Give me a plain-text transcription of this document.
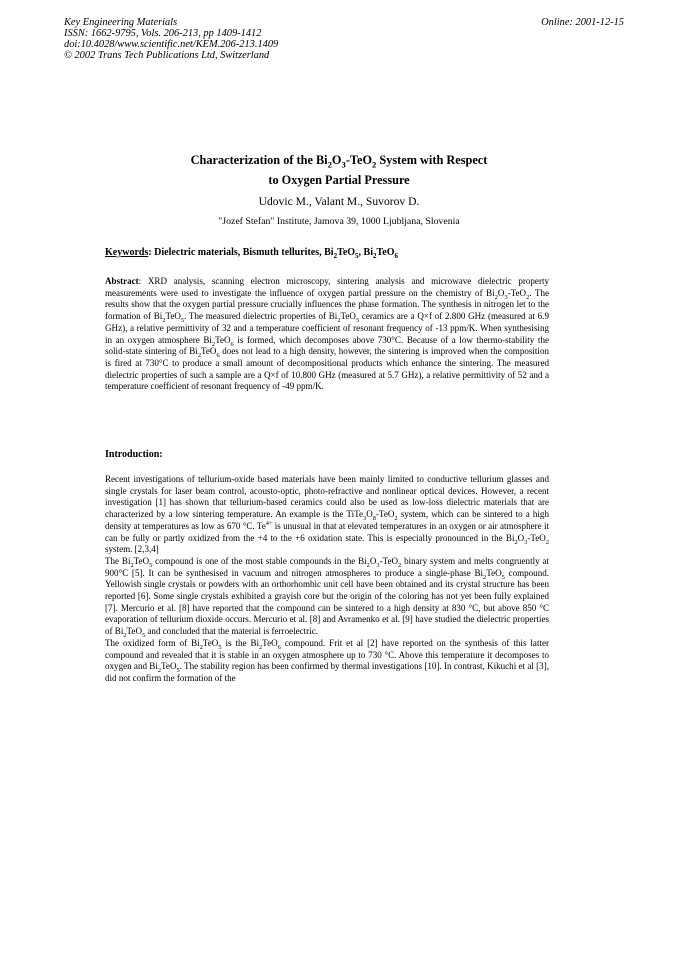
Key Engineering Materials
ISSN: 1662-9795, Vols. 206-213, pp 1409-1412
doi:10.4028/www.scientific.net/KEM.206-213.1409
© 2002 Trans Tech Publications Ltd, Switzerland
Online: 2001-12-15
Characterization of the $Bi_2O_3-TeO_2$ System with Respect
to Oxygen Partial Pressure
Udovic M., Valant M., Suvorov D.
"Jozef Stefan" Institute, Jamova 39, 1000 Ljubljana, Slovenia
Keywords: Dielectric materials, Bismuth tellurites, $Bi_2TeO_5$, $Bi_2TeO_6$

Abstract: XRD analysis, scanning electron microscopy, sintering analysis and microwave dielectric property measurements were used to investigate the influence of oxygen partial pressure on the chemistry of $Bi_2O_3-TeO_2$. The results show that the oxygen partial pressure crucially influences the phase formation. The synthesis in nitrogen let to the formation of $Bi_2TeO_5$. The measured dielectric properties of $Bi_2TeO_5$ ceramics are a Q×f of 2.800 GHz (measured at 6.9 GHz), a relative permittivity of 32 and a temperature coefficient of resonant frequency of -13 ppm/K. When synthesising in an oxygen atmosphere $Bi_2TeO_6$ is formed, which decomposes above 730°C. Because of a low thermo-stability the solid-state sintering of $Bi_2TeO_6$ does not lead to a high density, however, the sintering is improved when the composition is fired at 730°C to produce a small amount of decompositional products which enhance the sintering. The measured dielectric properties of such a sample are a Q×f of 10.800 GHz (measured at 5.7 GHz), a relative permittivity of 52 and a temperature coefficient of resonant frequency of -49 ppm/K.

Introduction:

Recent investigations of tellurium-oxide based materials have been mainly limited to conductive tellurium glasses and single crystals for laser beam control, acousto-optic, photo-refractive and nonlinear optical devices. However, a recent investigation [1] has shown that tellurium-based ceramics could also be used as low-loss dielectric materials that are characterized by a low sintering temperature. An example is the $TiTe_3O_8-TeO_2$ system, which can be sintered to a high density at temperatures as low as 670 °C. $Te^{4+}$ is unusual in that at elevated temperatures in an oxygen or air atmosphere it can be fully or partly oxidized from the +4 to the +6 oxidation state. This is especially pronounced in the $Bi_2O_3-TeO_2$ system. [2,3,4]

The $Bi_2TeO_5$ compound is one of the most stable compounds in the $Bi_2O_3-TeO_2$ binary system and melts congruently at 900°C [5]. It can be synthesised in vacuum and nitrogen atmospheres to produce a single-phase $Bi_2TeO_5$ compound. Yellowish single crystals or powders with an orthorhombic unit cell have been obtained and its crystal structure has been reported [6]. Some single crystals exhibited a grayish core but the origin of the coloring has not yet been fully explained [7]. Mercurio et al. [8] have reported that the compound can be sintered to a high density at 830 °C, but above 850 °C evaporation of tellurium dioxide occurs. Mercurio et al. [8] and Avramenko et al. [9] have studied the dielectric properties of $Bi_2TeO_5$ and concluded that the material is ferroelectric.

The oxidized form of $Bi_2TeO_5$ is the $Bi_2TeO_6$ compound. Frit et al [2] have reported on the synthesis of this latter compound and revealed that it is stable in an oxygen atmosphere up to 730 °C. Above this temperature it decomposes to oxygen and $Bi_2TeO_5$. The stability region has been confirmed by thermal investigations [10]. In contrast, Kikuchi et al [3], did not confirm the formation of the
